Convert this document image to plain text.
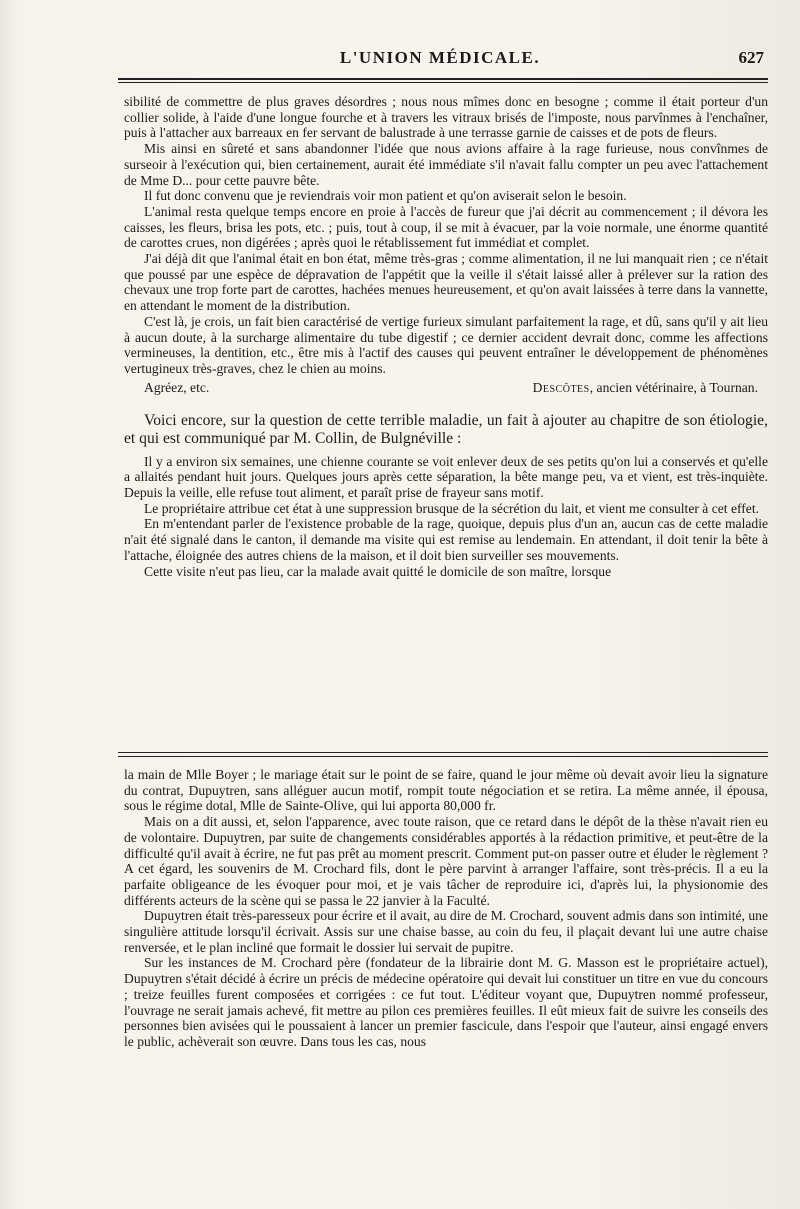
L'UNION MÉDICALE.	627

sibilité de commettre de plus graves désordres ; nous nous mîmes donc en besogne ; comme il était porteur d'un collier solide, à l'aide d'une longue fourche et à travers les vitraux brisés de l'imposte, nous parvînmes à l'enchaîner, puis à l'attacher aux barreaux en fer servant de balustrade à une terrasse garnie de caisses et de pots de fleurs.

Mis ainsi en sûreté et sans abandonner l'idée que nous avions affaire à la rage furieuse, nous convînmes de surseoir à l'exécution qui, bien certainement, aurait été immédiate s'il n'avait fallu compter un peu avec l'attachement de Mme D... pour cette pauvre bête.

Il fut donc convenu que je reviendrais voir mon patient et qu'on aviserait selon le besoin.

L'animal resta quelque temps encore en proie à l'accès de fureur que j'ai décrit au commencement ; il dévora les caisses, les fleurs, brisa les pots, etc. ; puis, tout à coup, il se mit à évacuer, par la voie normale, une énorme quantité de carottes crues, non digérées ; après quoi le rétablissement fut immédiat et complet.

J'ai déjà dit que l'animal était en bon état, même très-gras ; comme alimentation, il ne lui manquait rien ; ce n'était que poussé par une espèce de dépravation de l'appétit que la veille il s'était laissé aller à prélever sur la ration des chevaux une trop forte part de carottes, hachées menues heureusement, et qu'on avait laissées à terre dans la vannette, en attendant le moment de la distribution.

C'est là, je crois, un fait bien caractérisé de vertige furieux simulant parfaitement la rage, et dû, sans qu'il y ait lieu à aucun doute, à la surcharge alimentaire du tube digestif ; ce dernier accident devrait donc, comme les affections vermineuses, la dentition, etc., être mis à l'actif des causes qui peuvent entraîner le développement de phénomènes vertugineux très-graves, chez le chien au moins.

Agréez, etc.	Descôtes, ancien vétérinaire, à Tournan.

Voici encore, sur la question de cette terrible maladie, un fait à ajouter au chapitre de son étiologie, et qui est communiqué par M. Collin, de Bulgnéville :

Il y a environ six semaines, une chienne courante se voit enlever deux de ses petits qu'on lui a conservés et qu'elle a allaités pendant huit jours. Quelques jours après cette séparation, la bête mange peu, va et vient, est très-inquiète. Depuis la veille, elle refuse tout aliment, et paraît prise de frayeur sans motif.

Le propriétaire attribue cet état à une suppression brusque de la sécrétion du lait, et vient me consulter à cet effet.

En m'entendant parler de l'existence probable de la rage, quoique, depuis plus d'un an, aucun cas de cette maladie n'ait été signalé dans le canton, il demande ma visite qui est remise au lendemain. En attendant, il doit tenir la bête à l'attache, éloignée des autres chiens de la maison, et il doit bien surveiller ses mouvements.

Cette visite n'eut pas lieu, car la malade avait quitté le domicile de son maître, lorsque

la main de Mlle Boyer ; le mariage était sur le point de se faire, quand le jour même où devait avoir lieu la signature du contrat, Dupuytren, sans alléguer aucun motif, rompit toute négociation et se retira. La même année, il épousa, sous le régime dotal, Mlle de Sainte-Olive, qui lui apporta 80,000 fr.

Mais on a dit aussi, et, selon l'apparence, avec toute raison, que ce retard dans le dépôt de la thèse n'avait rien eu de volontaire. Dupuytren, par suite de changements considérables apportés à la rédaction primitive, et peut-être de la difficulté qu'il avait à écrire, ne fut pas prêt au moment prescrit. Comment put-on passer outre et éluder le règlement ? A cet égard, les souvenirs de M. Crochard fils, dont le père parvint à arranger l'affaire, sont très-précis. Il a eu la parfaite obligeance de les évoquer pour moi, et je vais tâcher de reproduire ici, d'après lui, la physionomie des différents acteurs de la scène qui se passa le 22 janvier à la Faculté.

Dupuytren était très-paresseux pour écrire et il avait, au dire de M. Crochard, souvent admis dans son intimité, une singulière attitude lorsqu'il écrivait. Assis sur une chaise basse, au coin du feu, il plaçait devant lui une autre chaise renversée, et le plan incliné que formait le dossier lui servait de pupitre.

Sur les instances de M. Crochard père (fondateur de la librairie dont M. G. Masson est le propriétaire actuel), Dupuytren s'était décidé à écrire un précis de médecine opératoire qui devait lui constituer un titre en vue du concours ; treize feuilles furent composées et corrigées : ce fut tout. L'éditeur voyant que, Dupuytren nommé professeur, l'ouvrage ne serait jamais achevé, fit mettre au pilon ces premières feuilles. Il eût mieux fait de suivre les conseils des personnes bien avisées qui le poussaient à lancer un premier fascicule, dans l'espoir que l'auteur, ainsi engagé envers le public, achèverait son œuvre. Dans tous les cas, nous
